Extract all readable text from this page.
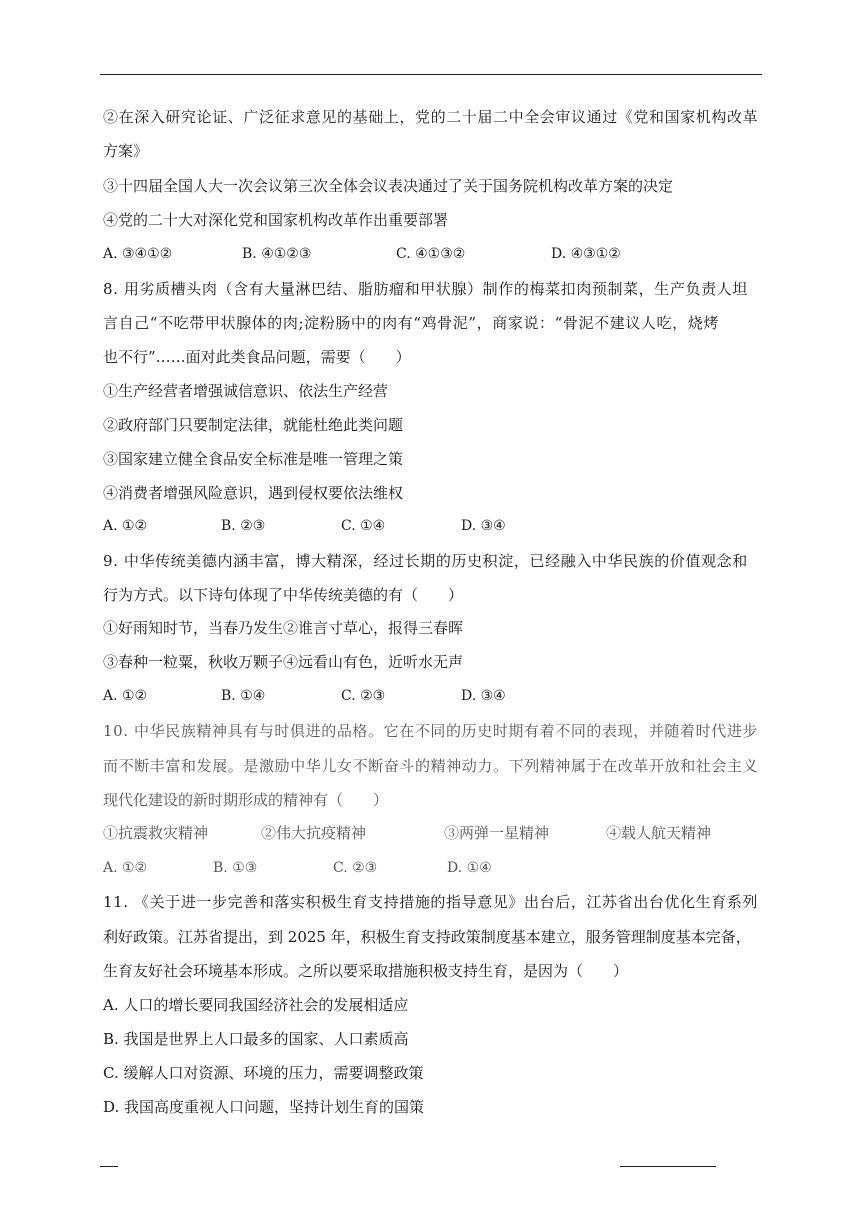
②在深入研究论证、广泛征求意见的基础上，党的二十届二中全会审议通过《党和国家机构改革
方案》
③十四届全国人大一次会议第三次全体会议表决通过了关于国务院机构改革方案的决定
④党的二十大对深化党和国家机构改革作出重要部署
A. ③④①②	B. ④①②③	C. ④①③②	D. ④③①②
8. 用劣质槽头肉（含有大量淋巴结、脂肪瘤和甲状腺）制作的梅菜扣肉预制菜，生产负责人坦
言自己“不吃带甲状腺体的肉;淀粉肠中的肉有“鸡骨泥”，商家说：“骨泥不建议人吃，烧烤
也不行”……面对此类食品问题，需要（　　）
①生产经营者增强诚信意识、依法生产经营
②政府部门只要制定法律，就能杜绝此类问题
③国家建立健全食品安全标准是唯一管理之策
④消费者增强风险意识，遇到侵权要依法维权
A. ①②	B. ②③	C. ①④	D. ③④
9. 中华传统美德内涵丰富，博大精深，经过长期的历史积淀，已经融入中华民族的价值观念和
行为方式。以下诗句体现了中华传统美德的有（　　）
①好雨知时节，当春乃发生②谁言寸草心，报得三春晖
③春种一粒粟，秋收万颗子④远看山有色，近听水无声
A. ①②	B. ①④	C. ②③	D. ③④
10. 中华民族精神具有与时俱进的品格。它在不同的历史时期有着不同的表现，并随着时代进步
而不断丰富和发展。是激励中华儿女不断奋斗的精神动力。下列精神属于在改革开放和社会主义
现代化建设的新时期形成的精神有（　　）
①抗震救灾精神	②伟大抗疫精神	③两弹一星精神	④载人航天精神
A. ①②	B. ①③	C. ②③	D. ①④
11. 《关于进一步完善和落实积极生育支持措施的指导意见》出台后，江苏省出台优化生育系列
利好政策。江苏省提出，到 2025 年，积极生育支持政策制度基本建立，服务管理制度基本完备，
生育友好社会环境基本形成。之所以要采取措施积极支持生育，是因为（　　）
A. 人口的增长要同我国经济社会的发展相适应
B. 我国是世界上人口最多的国家、人口素质高
C. 缓解人口对资源、环境的压力，需要调整政策
D. 我国高度重视人口问题，坚持计划生育的国策
